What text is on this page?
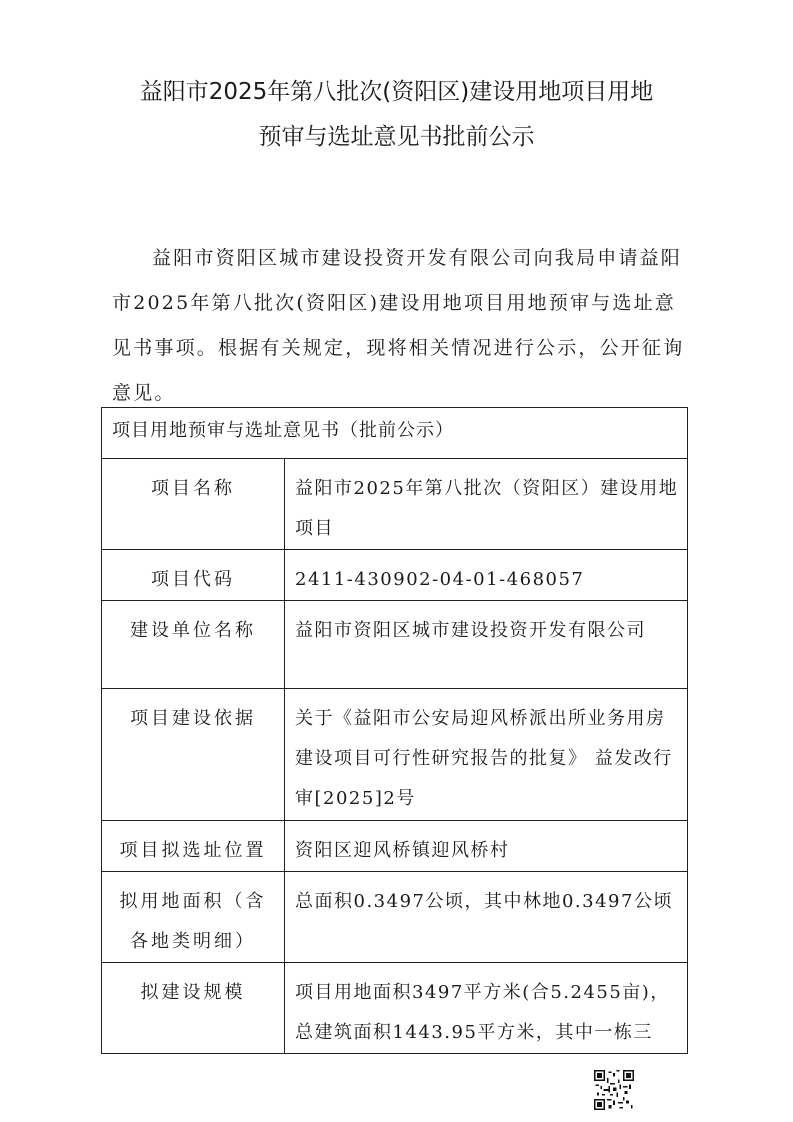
益阳市2025年第八批次(资阳区)建设用地项目用地
预审与选址意见书批前公示

益阳市资阳区城市建设投资开发有限公司向我局申请益阳市2025年第八批次(资阳区)建设用地项目用地预审与选址意见书事项。根据有关规定，现将相关情况进行公示，公开征询意见。

项目用地预审与选址意见书（批前公示）	
项目名称	益阳市2025年第八批次（资阳区）建设用地项目
项目代码	2411-430902-04-01-468057
建设单位名称	益阳市资阳区城市建设投资开发有限公司
项目建设依据	关于《益阳市公安局迎风桥派出所业务用房建设项目可行性研究报告的批复》 益发改行审[2025]2号
项目拟选址位置	资阳区迎风桥镇迎风桥村
拟用地面积（含各地类明细）	总面积0.3497公顷，其中林地0.3497公顷
拟建设规模	项目用地面积3497平方米(合5.2455亩)，总建筑面积1443.95平方米，其中一栋三
